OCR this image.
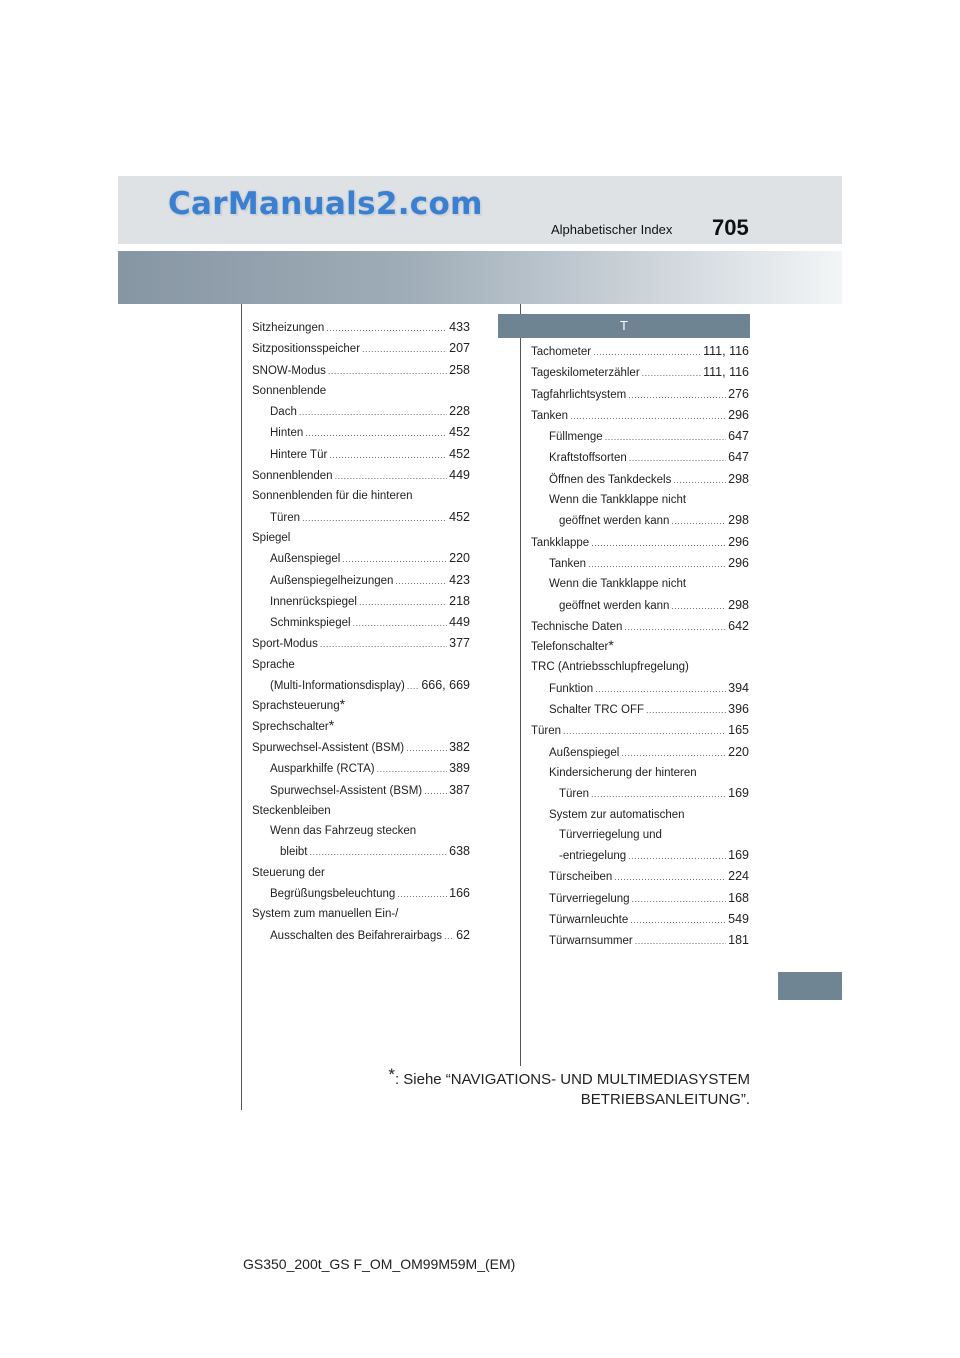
CarManuals2.com
Alphabetischer Index 705
Sitzheizungen .....	433
Sitzpositionsspeicher .....	207
SNOW-Modus .....	258
Sonnenblende
Dach .....	228
Hinten .....	452
Hintere Tür .....	452
Sonnenblenden .....	449
Sonnenblenden für die hinteren
Türen .....	452
Spiegel
Außenspiegel .....	220
Außenspiegelheizungen .....	423
Innenrückspiegel .....	218
Schminkspiegel .....	449
Sport-Modus .....	377
Sprache
(Multi-Informationsdisplay) ..... 666, 669
Sprachsteuerung *
Sprechschalter *
Spurwechsel-Assistent (BSM) .....	382
Ausparkhilfe (RCTA) .....	389
Spurwechsel-Assistent (BSM) ..... 387
Steckenbleiben
Wenn das Fahrzeug stecken
bleibt .....	638
Steuerung der
Begrüßungsbeleuchtung .....	166
System zum manuellen Ein-/
Ausschalten des Beifahrerairbags ..... 62
T
Tachometer .....	111, 116
Tageskilometerzähler .....	111, 116
Tagfahrlichtsystem .....	276
Tanken .....	296
Füllmenge .....	647
Kraftstoffsorten .....	647
Öffnen des Tankdeckels .....	298
Wenn die Tankklappe nicht
geöffnet werden kann .....	298
Tankklappe .....	296
Tanken .....	296
Wenn die Tankklappe nicht
geöffnet werden kann .....	298
Technische Daten .....	642
Telefonschalter *
TRC (Antriebsschlupfregelung)
Funktion .....	394
Schalter TRC OFF .....	396
Türen .....	165
Außenspiegel .....	220
Kindersicherung der hinteren
Türen .....	169
System zur automatischen
Türverriegelung und
-entriegelung .....	169
Türscheiben .....	224
Türverriegelung .....	168
Türwarnleuchte .....	549
Türwarnsummer .....	181
*: Siehe “NAVIGATIONS- UND MULTIMEDIASYSTEM
BETRIEBSANLEITUNG”.
GS350_200t_GS F_OM_OM99M59M_(EM)
